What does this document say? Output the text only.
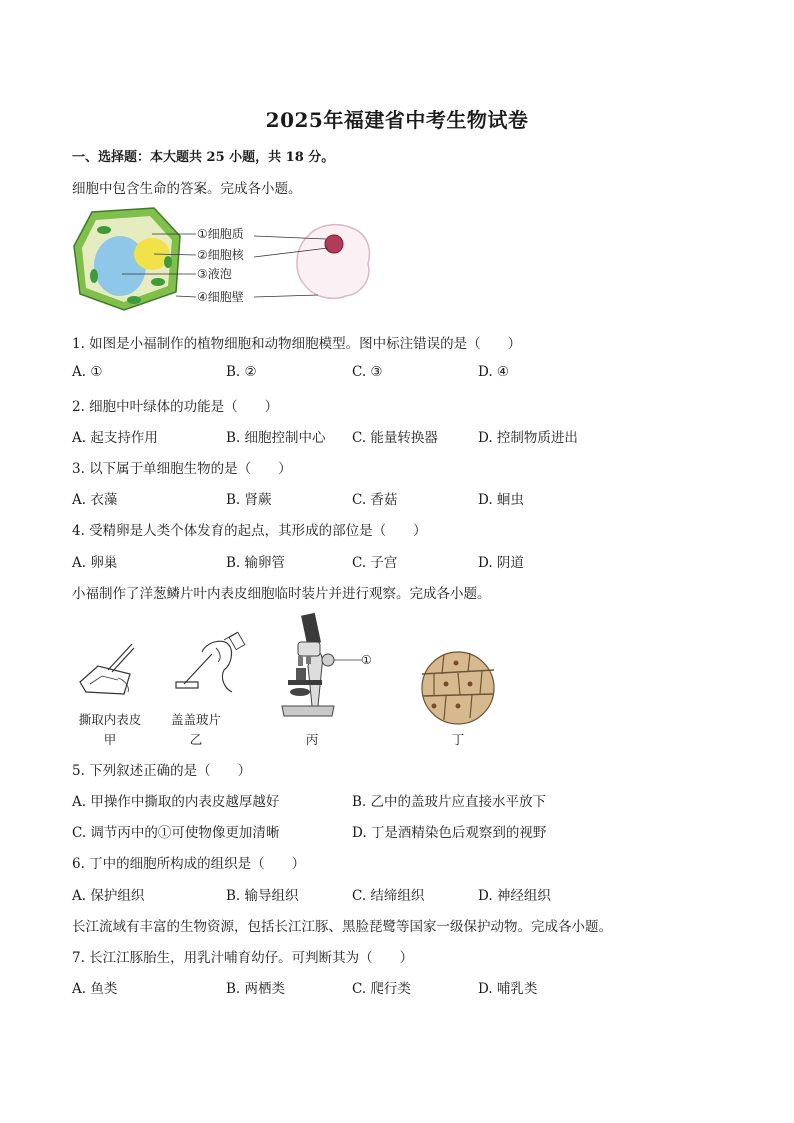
2025年福建省中考生物试卷
一、选择题：本大题共 25 小题，共 18 分。
细胞中包含生命的答案。完成各小题。
①细胞质
②细胞核
③液泡
④细胞壁
1. 如图是小福制作的植物细胞和动物细胞模型。图中标注错误的是（　　）
A. ①	B. ②	C. ③	D. ④
2. 细胞中叶绿体的功能是（　　）
A. 起支持作用	B. 细胞控制中心 C. 能量转换器	D. 控制物质进出
3. 以下属于单细胞生物的是（　　）
A. 衣藻	B. 肾蕨	C. 香菇	D. 蛔虫
4. 受精卵是人类个体发育的起点，其形成的部位是（　　）
A. 卵巢	B. 输卵管	C. 子宫	D. 阴道
小福制作了洋葱鳞片叶内表皮细胞临时装片并进行观察。完成各小题。
①
撕取内表皮
甲
盖盖玻片
乙	丙	丁
5. 下列叙述正确的是（　　）
A. 甲操作中撕取的内表皮越厚越好	B. 乙中的盖玻片应直接水平放下
C. 调节丙中的①可使物像更加清晰	D. 丁是酒精染色后观察到的视野
6. 丁中的细胞所构成的组织是（　　）
A. 保护组织	B. 输导组织	C. 结缔组织	D. 神经组织
长江流域有丰富的生物资源，包括长江江豚、黑脸琵鹭等国家一级保护动物。完成各小题。
7. 长江江豚胎生，用乳汁哺育幼仔。可判断其为（　　）
A. 鱼类	B. 两栖类	C. 爬行类	D. 哺乳类
